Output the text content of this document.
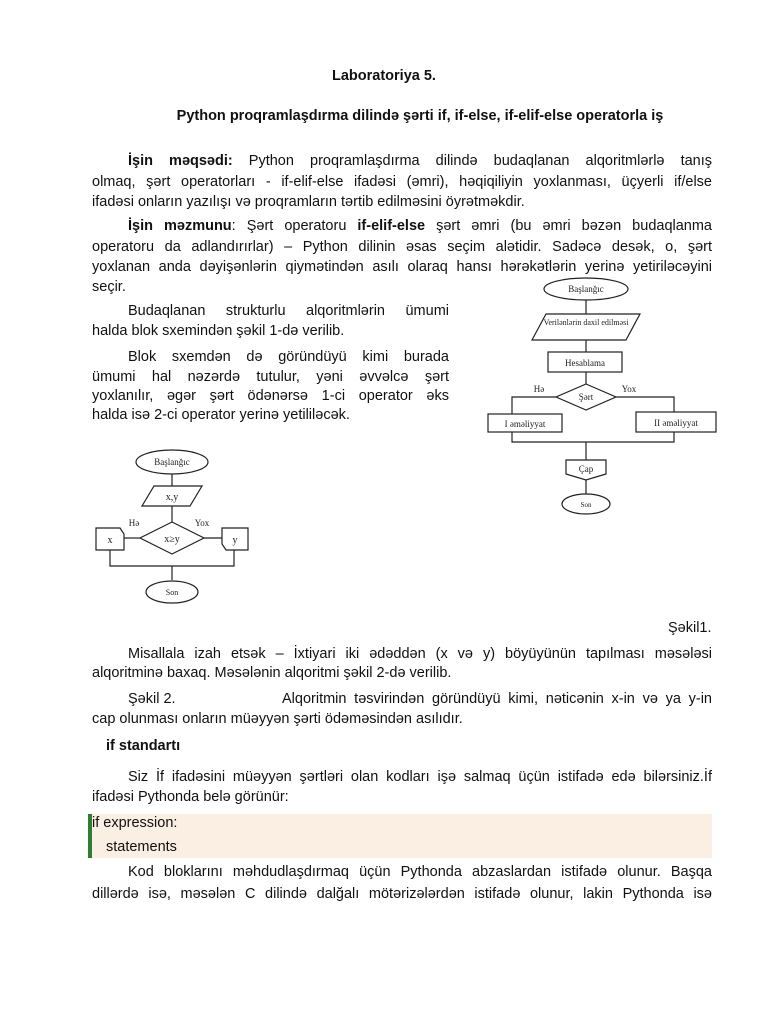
Laboratoriya 5.
Python proqramlaşdırma dilində şərti if, if-else, if-elif-else operatorla iş
İşin məqsədi: Python proqramlaşdırma dilində budaqlanan alqoritmlərlə tanış
olmaq, şərt operatorları - if-elif-else ifadəsi (əmri), həqiqiliyin yoxlanması, üçyerli if/else
ifadəsi onların yazılışı və proqramların tərtib edilməsini öyrətməkdir.
İşin məzmunu: Şərt operatoru if-elif-else şərt əmri (bu əmri bəzən budaqlanma
operatoru da adlandırırlar) – Python dilinin əsas seçim alətidir. Sadəcə desək, o, şərt
yoxlanan anda dəyişənlərin qiymətindən asılı olaraq hansı hərəkətlərin yerinə yetiriləcəyini
seçir.
Budaqlanan strukturlu alqoritmlərin ümumi
halda blok sxemindən şəkil 1-də verilib.
Blok sxemdən də göründüyü kimi burada
ümumi hal nəzərdə tutulur, yəni əvvəlcə şərt
yoxlanılır, əgər şərt ödənərsə 1-ci operator əks
halda isə 2-ci operator yerinə yetililəcək.
Başlanğıc
Verilənlərin daxil edilməsi
Hesablama
Şərt
Hə	Yox
I əməliyyat	II əməliyyat
Çap
Son
Başlanğıc
x,y
x≥y
Hə	Yox
x	y
Son
Şəkil1.
Misallala izah etsək – İxtiyari iki ədəddən (x və y) böyüyünün tapılması məsələsi
alqoritminə baxaq. Məsələnin alqoritmi şəkil 2-də verilib.
Şəkil 2.	Alqoritmin təsvirindən göründüyü kimi, nəticənin x-in və ya y-in
cap olunması onların müəyyən şərti ödəməsindən asılıdır.
if standartı
Siz İf ifadəsini müəyyən şərtləri olan kodları işə salmaq üçün istifadə edə bilərsiniz.İf
ifadəsi Pythonda belə görünür:
if expression:
statements
Kod bloklarını məhdudlaşdırmaq üçün Pythonda abzaslardan istifadə olunur. Başqa
dillərdə isə, məsələn C dilində dalğalı mötərizələrdən istifadə olunur, lakin Pythonda isə
